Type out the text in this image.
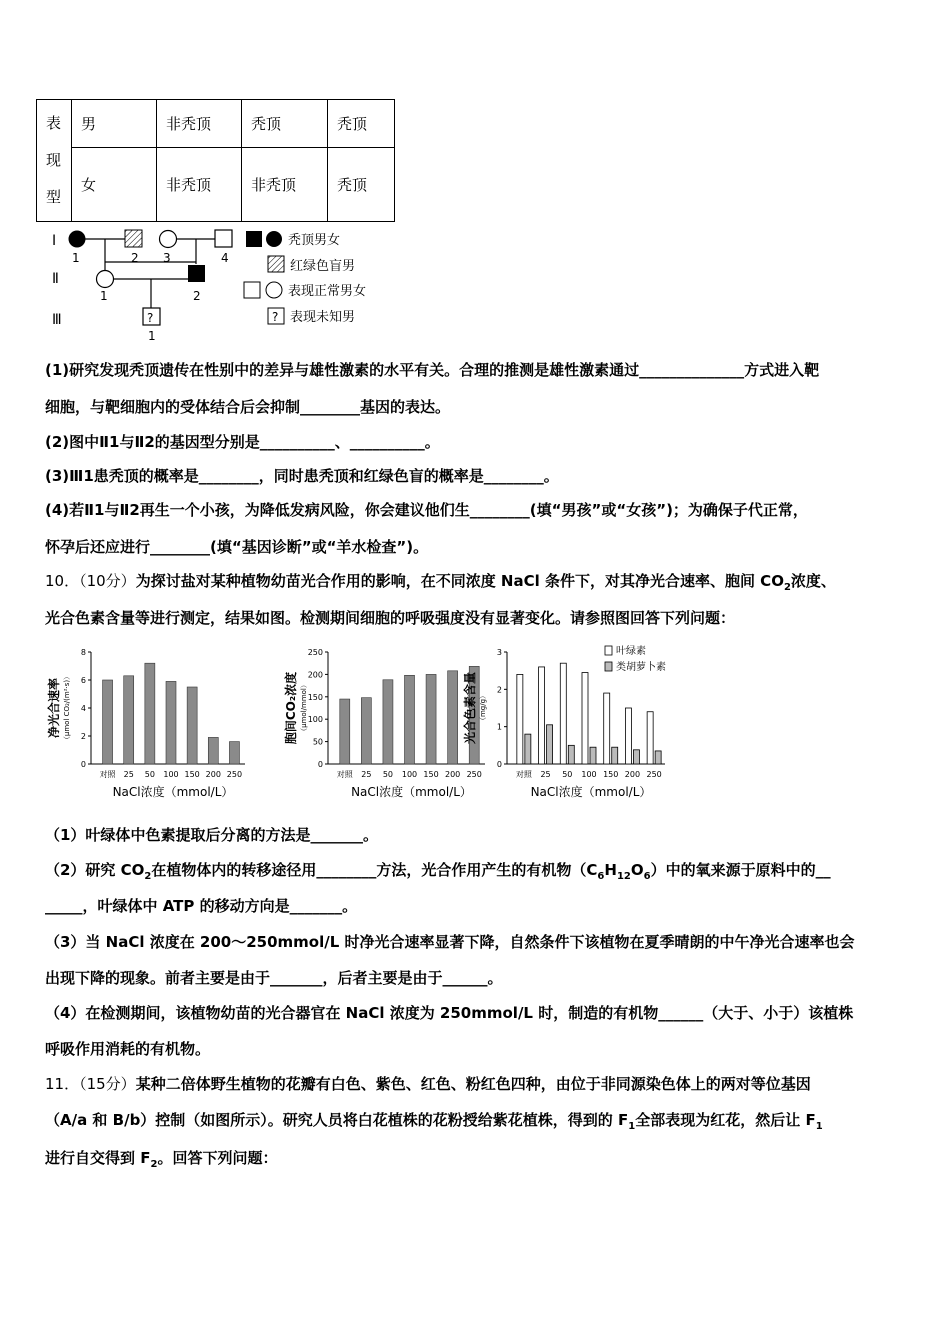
表
现
型	男	非秃顶	秃顶	秃顶
	女	非秃顶	非秃顶	秃顶
Ⅰ
Ⅱ
Ⅲ
1	2 3	4
1	2
?
1
秃顶男女
红绿色盲男
表现正常男女
? 表现未知男
(1)研究发现秃顶遗传在性别中的差异与雄性激素的水平有关。合理的推测是雄性激素通过______________方式进入靶
细胞，与靶细胞内的受体结合后会抑制________基因的表达。
(2)图中Ⅱ1与Ⅱ2的基因型分别是__________、__________。
(3)Ⅲ1患秃顶的概率是________，同时患秃顶和红绿色盲的概率是________。
(4)若Ⅱ1与Ⅱ2再生一个小孩，为降低发病风险，你会建议他们生________(填“男孩”或“女孩”)；为确保子代正常，
怀孕后还应进行________(填“基因诊断”或“羊水检查”)。
10．（10分）为探讨盐对某种植物幼苗光合作用的影响，在不同浓度 NaCl 条件下，对其净光合速率、胞间 $CO_2$浓度、
光合色素含量等进行测定，结果如图。检测期间细胞的呼吸强度没有显著变化。请参照图回答下列问题：
0
2
4
6
8
对照 25 50 100 150 200 250
净光合速率 （μmol CO₂/(m²·s)）
NaCl浓度（mmol/L）
0
50
100
150
200
250
对照 25 50 100 150 200 250
胞间CO₂浓度 （μmol/mmol）
NaCl浓度（mmol/L）
0
1
2
3
对照 25 50 100 150 200 250
叶绿素
类胡萝卜素
光合色素含量 （mg/g）
NaCl浓度（mmol/L）
（1）叶绿体中色素提取后分离的方法是_______。
（2）研究 $CO_2$在植物体内的转移途径用________方法，光合作用产生的有机物$(C_6H_{12}O_6)$中的氧来源于原料中的__
_____，叶绿体中 ATP 的移动方向是_______。
（3）当 NaCl 浓度在 200～250mmol/L 时净光合速率显著下降，自然条件下该植物在夏季晴朗的中午净光合速率也会
出现下降的现象。前者主要是由于_______，后者主要是由于______。
（4）在检测期间，该植物幼苗的光合器官在 NaCl 浓度为 250mmol/L 时，制造的有机物______（大于、小于）该植株
呼吸作用消耗的有机物。
11．（15分）某种二倍体野生植物的花瓣有白色、紫色、红色、粉红色四种，由位于非同源染色体上的两对等位基因
（A/a 和 B/b）控制（如图所示）。研究人员将白花植株的花粉授给紫花植株，得到的 $F_1$全部表现为红花，然后让 $F_1$
进行自交得到 $F_2$。回答下列问题：
